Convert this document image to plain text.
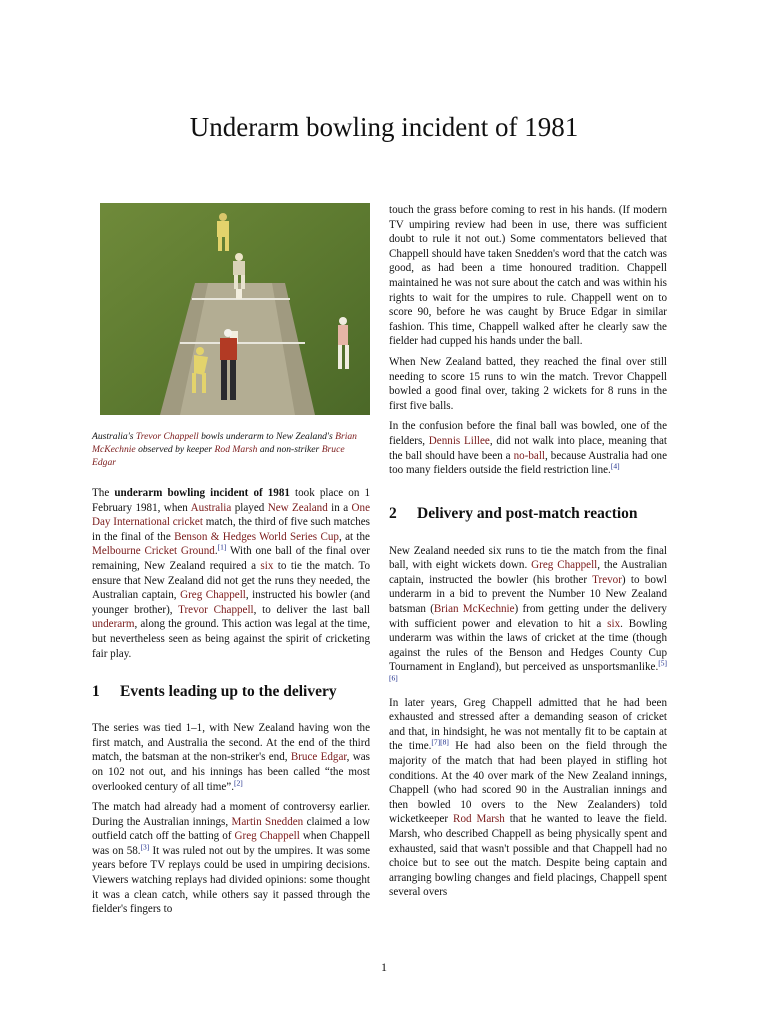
Underarm bowling incident of 1981

Australia's Trevor Chappell bowls underarm to New Zealand's Brian McKechnie observed by keeper Rod Marsh and non-striker Bruce Edgar

The underarm bowling incident of 1981 took place on 1 February 1981, when Australia played New Zealand in a One Day International cricket match, the third of five such matches in the final of the Benson & Hedges World Series Cup, at the Melbourne Cricket Ground.[1] With one ball of the final over remaining, New Zealand required a six to tie the match. To ensure that New Zealand did not get the runs they needed, the Australian captain, Greg Chappell, instructed his bowler (and younger brother), Trevor Chappell, to deliver the last ball underarm, along the ground. This action was legal at the time, but nevertheless seen as being against the spirit of cricketing fair play.

1 Events leading up to the delivery

The series was tied 1–1, with New Zealand having won the first match, and Australia the second. At the end of the third match, the batsman at the non-striker's end, Bruce Edgar, was on 102 not out, and his innings has been called “the most overlooked century of all time”.[2]

The match had already had a moment of controversy earlier. During the Australian innings, Martin Snedden claimed a low outfield catch off the batting of Greg Chappell when Chappell was on 58.[3] It was ruled not out by the umpires. It was some years before TV replays could be used in umpiring decisions. Viewers watching replays had divided opinions: some thought it was a clean catch, while others say it passed through the fielder's fingers to

touch the grass before coming to rest in his hands. (If modern TV umpiring review had been in use, there was sufficient doubt to rule it not out.) Some commentators believed that Chappell should have taken Snedden's word that the catch was good, as had been a time honoured tradition. Chappell maintained he was not sure about the catch and was within his rights to wait for the umpires to rule. Chappell went on to score 90, before he was caught by Bruce Edgar in similar fashion. This time, Chappell walked after he clearly saw the fielder had cupped his hands under the ball.

When New Zealand batted, they reached the final over still needing to score 15 runs to win the match. Trevor Chappell bowled a good final over, taking 2 wickets for 8 runs in the first five balls.

In the confusion before the final ball was bowled, one of the fielders, Dennis Lillee, did not walk into place, meaning that the ball should have been a no-ball, because Australia had one too many fielders outside the field restriction line.[4]

2 Delivery and post-match reaction

New Zealand needed six runs to tie the match from the final ball, with eight wickets down. Greg Chappell, the Australian captain, instructed the bowler (his brother Trevor) to bowl underarm in a bid to prevent the Number 10 New Zealand batsman (Brian McKechnie) from getting under the delivery with sufficient power and elevation to hit a six. Bowling underarm was within the laws of cricket at the time (though against the rules of the Benson and Hedges County Cup Tournament in England), but perceived as unsportsmanlike.[5][6]

In later years, Greg Chappell admitted that he had been exhausted and stressed after a demanding season of cricket and that, in hindsight, he was not mentally fit to be captain at the time.[7][8] He had also been on the field through the majority of the match that had been played in stifling hot conditions. At the 40 over mark of the New Zealand innings, Chappell (who had scored 90 in the Australian innings and then bowled 10 overs to the New Zealanders) told wicketkeeper Rod Marsh that he wanted to leave the field. Marsh, who described Chappell as being physically spent and exhausted, said that wasn't possible and that Chappell had no choice but to see out the match. Despite being captain and arranging bowling changes and field placings, Chappell spent several overs

1
